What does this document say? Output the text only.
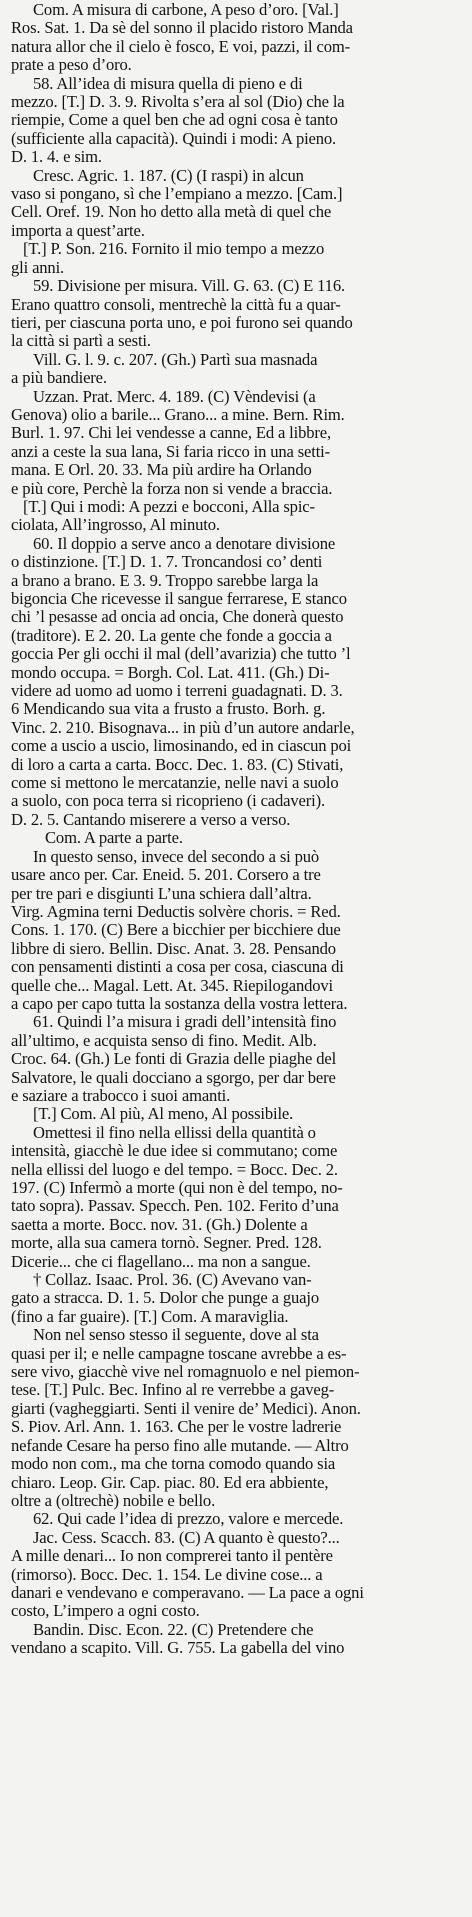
Com. A misura di carbone, A peso d’oro. [Val.]
Ros. Sat. 1. Da sè del sonno il placido ristoro Manda
natura allor che il cielo è fosco, E voi, pazzi, il com-
prate a peso d’oro.
58. All’idea di misura quella di pieno e di
mezzo. [T.] D. 3. 9. Rivolta s’era al sol (Dio) che la
riempie, Come a quel ben che ad ogni cosa è tanto
(sufficiente alla capacità). Quindi i modi: A pieno.
D. 1. 4. e sim.
Cresc. Agric. 1. 187. (C) (I raspi) in alcun
vaso si pongano, sì che l’empiano a mezzo. [Cam.]
Cell. Oref. 19. Non ho detto alla metà di quel che
importa a quest’arte.
[T.] P. Son. 216. Fornito il mio tempo a mezzo
gli anni.
59. Divisione per misura. Vill. G. 63. (C) E 116.
Erano quattro consoli, mentrechè la città fu a quar-
tieri, per ciascuna porta uno, e poi furono sei quando
la città si partì a sesti.
Vill. G. l. 9. c. 207. (Gh.) Partì sua masnada
a più bandiere.
Uzzan. Prat. Merc. 4. 189. (C) Vèndevisi (a
Genova) olio a barile... Grano... a mine. Bern. Rim.
Burl. 1. 97. Chi lei vendesse a canne, Ed a libbre,
anzi a ceste la sua lana, Si faria ricco in una setti-
mana. E Orl. 20. 33. Ma più ardire ha Orlando
e più core, Perchè la forza non si vende a braccia.
[T.] Qui i modi: A pezzi e bocconi, Alla spic-
ciolata, All’ingrosso, Al minuto.
60. Il doppio a serve anco a denotare divisione
o distinzione. [T.] D. 1. 7. Troncandosi co’ denti
a brano a brano. E 3. 9. Troppo sarebbe larga la
bigoncia Che ricevesse il sangue ferrarese, E stanco
chi ’l pesasse ad oncia ad oncia, Che donerà questo
(traditore). E 2. 20. La gente che fonde a goccia a
goccia Per gli occhi il mal (dell’avarizia) che tutto ’l
mondo occupa. = Borgh. Col. Lat. 411. (Gh.) Di-
videre ad uomo ad uomo i terreni guadagnati. D. 3.
6 Mendicando sua vita a frusto a frusto. Borh. g.
Vinc. 2. 210. Bisognava... in più d’un autore andarle,
come a uscio a uscio, limosinando, ed in ciascun poi
di loro a carta a carta. Bocc. Dec. 1. 83. (C) Stivati,
come si mettono le mercatanzie, nelle navi a suolo
a suolo, con poca terra si ricoprieno (i cadaveri).
D. 2. 5. Cantando miserere a verso a verso.
Com. A parte a parte.
In questo senso, invece del secondo a si può
usare anco per. Car. Eneid. 5. 201. Corsero a tre
per tre pari e disgiunti L’una schiera dall’altra.
Virg. Agmina terni Deductis solvère choris. = Red.
Cons. 1. 170. (C) Bere a bicchier per bicchiere due
libbre di siero. Bellin. Disc. Anat. 3. 28. Pensando
con pensamenti distinti a cosa per cosa, ciascuna di
quelle che... Magal. Lett. At. 345. Riepilogandovi
a capo per capo tutta la sostanza della vostra lettera.
61. Quindi l’a misura i gradi dell’intensità fino
all’ultimo, e acquista senso di fino. Medit. Alb.
Croc. 64. (Gh.) Le fonti di Grazia delle piaghe del
Salvatore, le quali docciano a sgorgo, per dar bere
e saziare a trabocco i suoi amanti.
[T.] Com. Al più, Al meno, Al possibile.
Omettesi il fino nella ellissi della quantità o
intensità, giacchè le due idee si commutano; come
nella ellissi del luogo e del tempo. = Bocc. Dec. 2.
197. (C) Infermò a morte (qui non è del tempo, no-
tato sopra). Passav. Specch. Pen. 102. Ferito d’una
saetta a morte. Bocc. nov. 31. (Gh.) Dolente a
morte, alla sua camera tornò. Segner. Pred. 128.
Dicerie... che ci flagellano... ma non a sangue.
† Collaz. Isaac. Prol. 36. (C) Avevano van-
gato a stracca. D. 1. 5. Dolor che punge a guajo
(fino a far guaire). [T.] Com. A maraviglia.
Non nel senso stesso il seguente, dove al sta
quasi per il; e nelle campagne toscane avrebbe a es-
sere vivo, giacchè vive nel romagnuolo e nel piemon-
tese. [T.] Pulc. Bec. Infino al re verrebbe a gaveg-
giarti (vagheggiarti. Senti il venire de’ Medici). Anon.
S. Piov. Arl. Ann. 1. 163. Che per le vostre ladrerie
nefande Cesare ha perso fino alle mutande. — Altro
modo non com., ma che torna comodo quando sia
chiaro. Leop. Gir. Cap. piac. 80. Ed era abbiente,
oltre a (oltrechè) nobile e bello.
62. Qui cade l’idea di prezzo, valore e mercede.
Jac. Cess. Scacch. 83. (C) A quanto è questo?...
A mille denari... Io non comprerei tanto il pentère
(rimorso). Bocc. Dec. 1. 154. Le divine cose... a
danari e vendevano e comperavano. — La pace a ogni
costo, L’impero a ogni costo.
Bandin. Disc. Econ. 22. (C) Pretendere che
vendano a scapito. Vill. G. 755. La gabella del vino
